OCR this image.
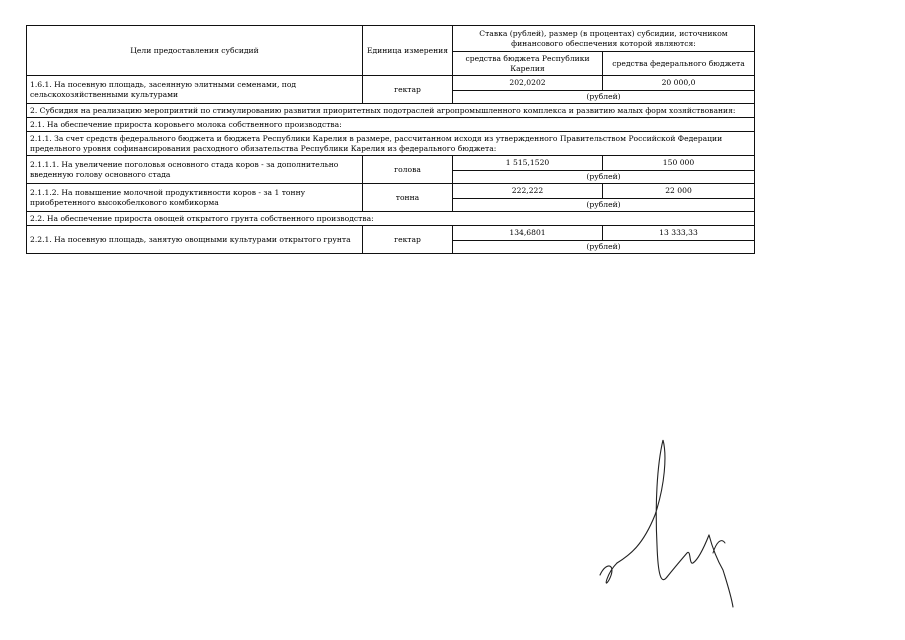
Цели предоставления субсидий	Единица измерения	Ставка (рублей), размер (в процентах) субсидии, источником финансового обеспечения которой являются:	
		средства бюджета Республики Карелия	средства федерального бюджета
1.6.1. На посевную площадь, засеянную элитными семенами, под сельскохозяйственными культурами	гектар	202,0202	20 000,0
		(рублей)	
2. Субсидия на реализацию мероприятий по стимулированию развития приоритетных подотраслей агропромышленного комплекса и развитию малых форм хозяйствования:			
2.1. На обеспечение прироста коровьего молока собственного производства:			
2.1.1. За счет средств федерального бюджета и бюджета Республики Карелия в размере, рассчитанном исходя из утвержденного Правительством Российской Федерации предельного уровня софинансирования расходного обязательства Республики Карелия из федерального бюджета:			
2.1.1.1. На увеличение поголовья основного стада коров - за дополнительно введенную голову основного стада	голова	1 515,1520	150 000
		(рублей)	
2.1.1.2. На повышение молочной продуктивности коров - за 1 тонну приобретенного высокобелкового комбикорма	тонна	222,222	22 000
		(рублей)	
2.2. На обеспечение прироста овощей открытого грунта собственного производства:			
2.2.1. На посевную площадь, занятую овощными культурами открытого грунта	гектар	134,6801	13 333,33
		(рублей)	
